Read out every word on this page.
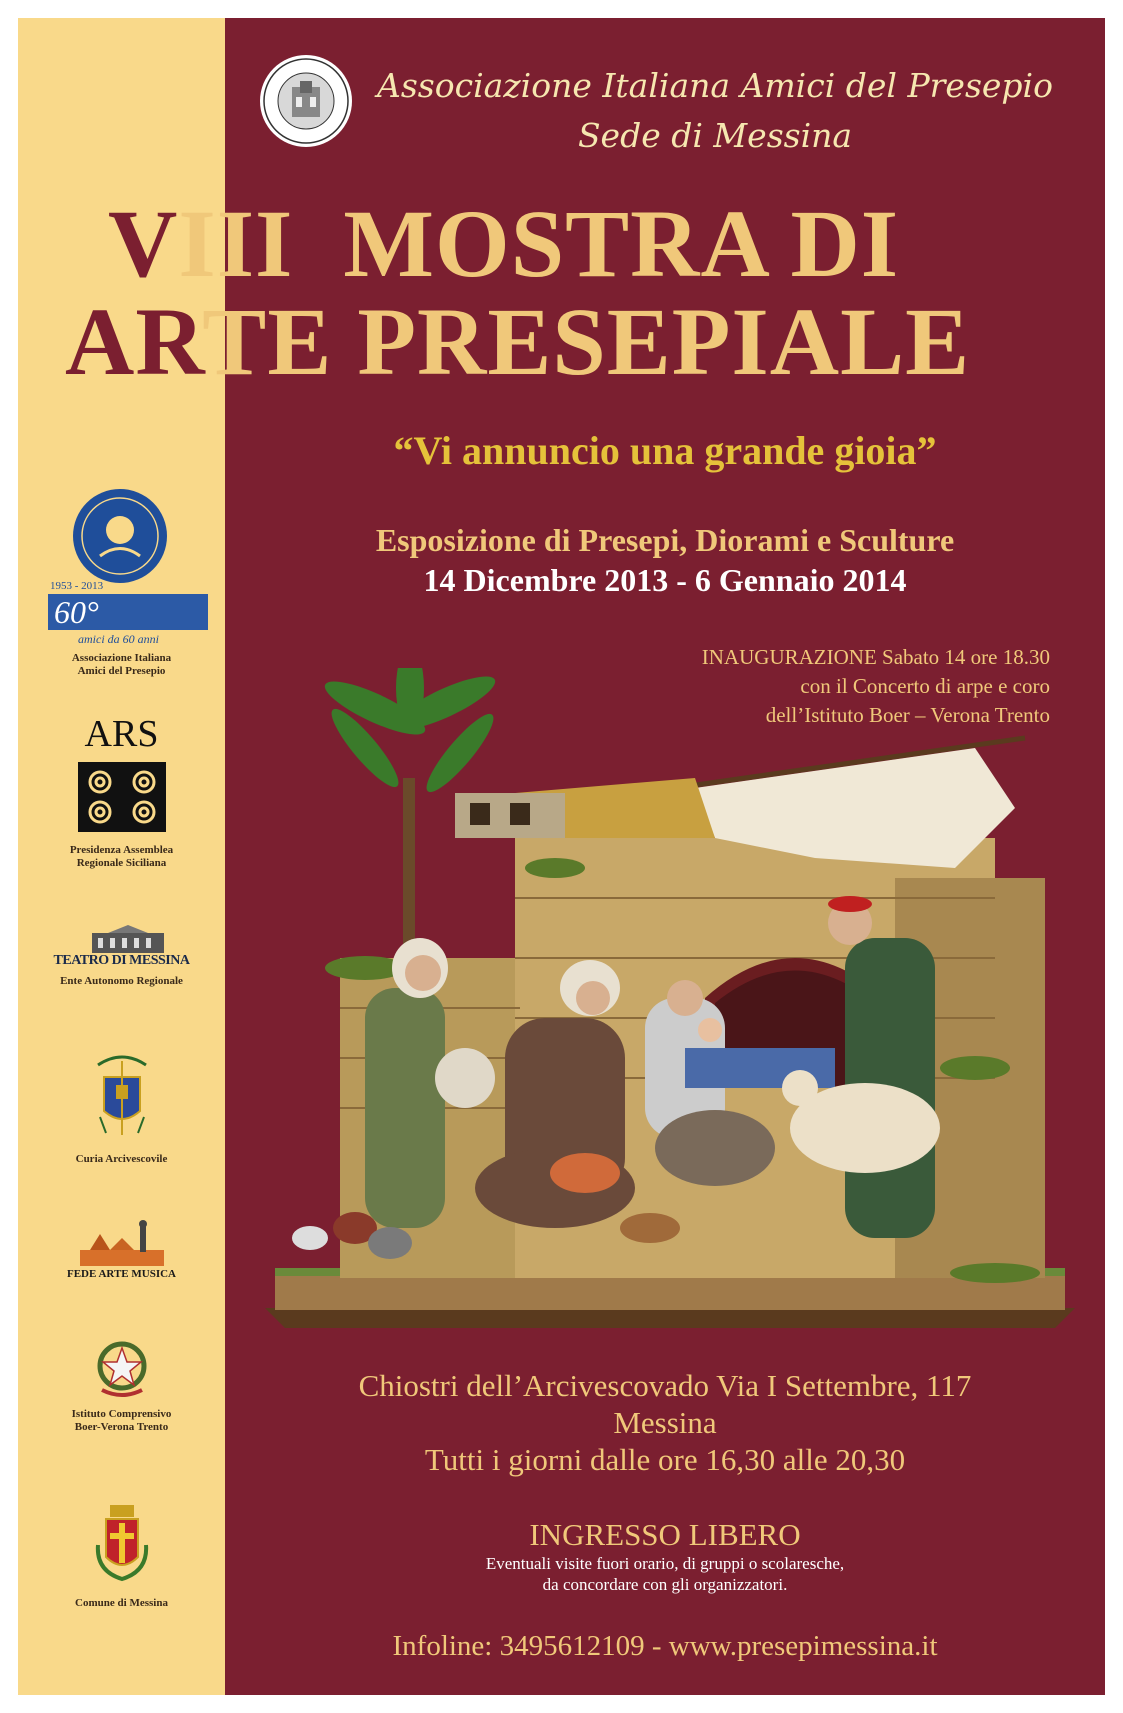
Associazione Italiana Amici del Presepio
Sede di Messina
VIII  MOSTRA DI
ARTE PRESEPIALE
“Vi annuncio una grande gioia”
Esposizione di Presepi, Diorami e Sculture
14 Dicembre 2013 - 6 Gennaio 2014
INAUGURAZIONE Sabato 14 ore 18.30
con il Concerto di arpe e coro
dell’Istituto Boer – Verona Trento
Chiostri dell’Arcivescovado Via I Settembre, 117
Messina
Tutti i giorni dalle ore 16,30 alle 20,30
INGRESSO LIBERO
Eventuali visite fuori orario, di gruppi o scolaresche,
da concordare con gli organizzatori.
Infoline: 3495612109 - www.presepimessina.it
1953 - 2013
60°
amici da 60 anni
Associazione Italiana
Amici del Presepio
ARS
Presidenza Assemblea
Regionale Siciliana
TEATRO DI MESSINA
Ente Autonomo Regionale
Curia Arcivescovile
FEDE ARTE MUSICA
Istituto Comprensivo
Boer-Verona Trento
Comune di Messina
